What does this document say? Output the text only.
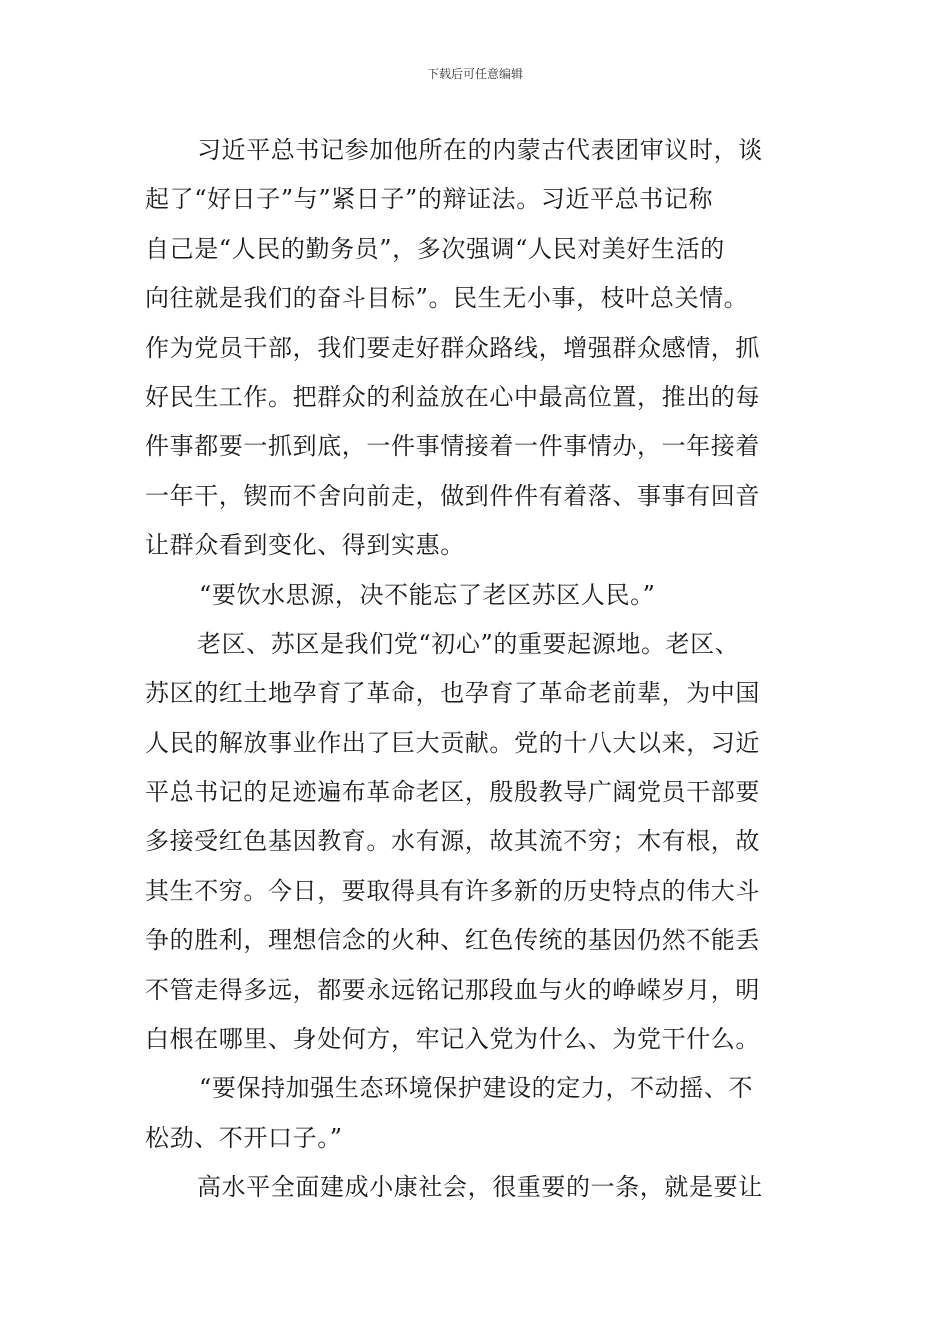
下载后可任意编辑
习近平总书记参加他所在的内蒙古代表团审议时，谈
起了“好日子”与”紧日子”的辩证法。习近平总书记称
自己是“人民的勤务员”，多次强调“人民对美好生活的
向往就是我们的奋斗目标”。民生无小事，枝叶总关情。
作为党员干部，我们要走好群众路线，增强群众感情，抓
好民生工作。把群众的利益放在心中最高位置，推出的每
件事都要一抓到底，一件事情接着一件事情办，一年接着
一年干，锲而不舍向前走，做到件件有着落、事事有回音
让群众看到变化、得到实惠。
“要饮水思源，决不能忘了老区苏区人民。”
老区、苏区是我们党“初心”的重要起源地。老区、
苏区的红土地孕育了革命，也孕育了革命老前辈，为中国
人民的解放事业作出了巨大贡献。党的十八大以来，习近
平总书记的足迹遍布革命老区，殷殷教导广阔党员干部要
多接受红色基因教育。水有源，故其流不穷；木有根，故
其生不穷。今日，要取得具有许多新的历史特点的伟大斗
争的胜利，理想信念的火种、红色传统的基因仍然不能丢
不管走得多远，都要永远铭记那段血与火的峥嵘岁月，明
白根在哪里、身处何方，牢记入党为什么、为党干什么。
“要保持加强生态环境保护建设的定力，不动摇、不
松劲、不开口子。”
高水平全面建成小康社会，很重要的一条，就是要让
